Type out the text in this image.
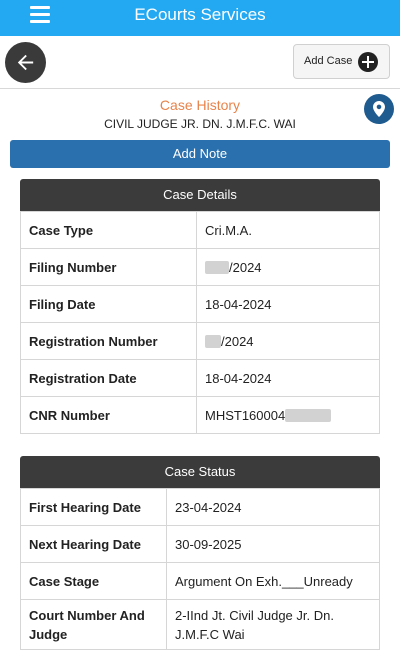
ECourts Services
Add Case
Case History
CIVIL JUDGE JR. DN. J.M.F.C. WAI
Add Note
Case Details
Case Type	Cri.M.A.
Filing Number	/2024
Filing Date	18-04-2024
Registration Number	/2024
Registration Date	18-04-2024
CNR Number	MHST160004
Case Status
First Hearing Date	23-04-2024
Next Hearing Date	30-09-2025
Case Stage	Argument On Exh.___Unready
Court Number And Judge	2-IInd Jt. Civil Judge Jr. Dn. J.M.F.C Wai
